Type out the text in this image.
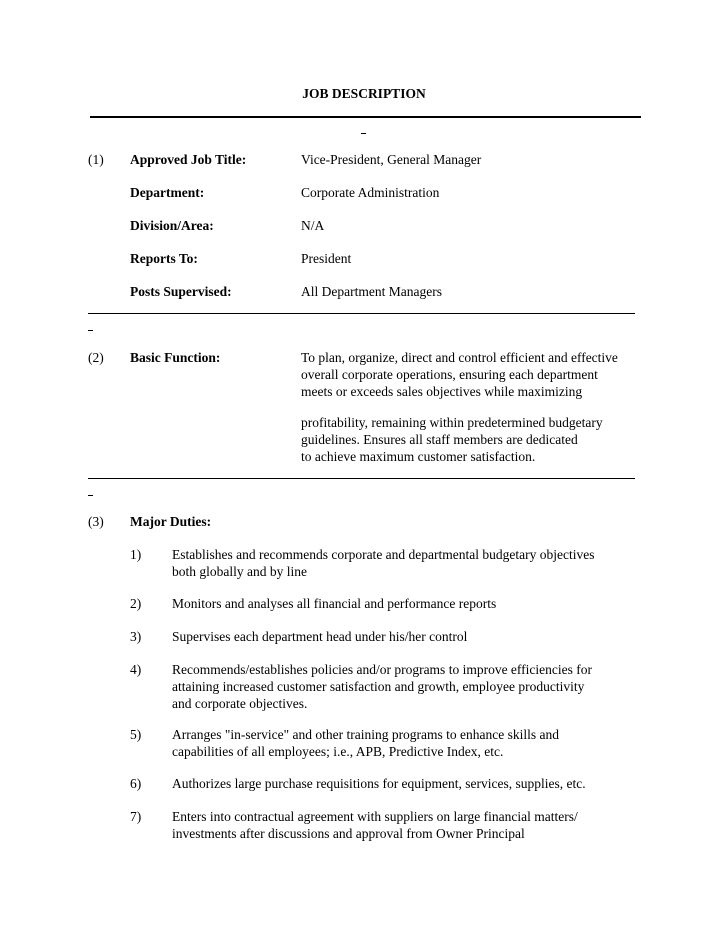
JOB DESCRIPTION
(1) Approved Job Title:	Vice-President, General Manager
Department:	Corporate Administration
Division/Area:	N/A
Reports To:	President
Posts Supervised:	All Department Managers
(2) Basic Function:	To plan, organize, direct and control efficient and effective
overall corporate operations, ensuring each department
meets or exceeds sales objectives while maximizing
profitability, remaining within predetermined budgetary
guidelines. Ensures all staff members are dedicated
to achieve maximum customer satisfaction.
(3) Major Duties:
1) Establishes and recommends corporate and departmental budgetary objectives
both globally and by line
2) Monitors and analyses all financial and performance reports
3) Supervises each department head under his/her control
4) Recommends/establishes policies and/or programs to improve efficiencies for
attaining increased customer satisfaction and growth, employee productivity
and corporate objectives.
5) Arranges "in-service" and other training programs to enhance skills and
capabilities of all employees; i.e., APB, Predictive Index, etc.
6) Authorizes large purchase requisitions for equipment, services, supplies, etc.
7) Enters into contractual agreement with suppliers on large financial matters/
investments after discussions and approval from Owner Principal
